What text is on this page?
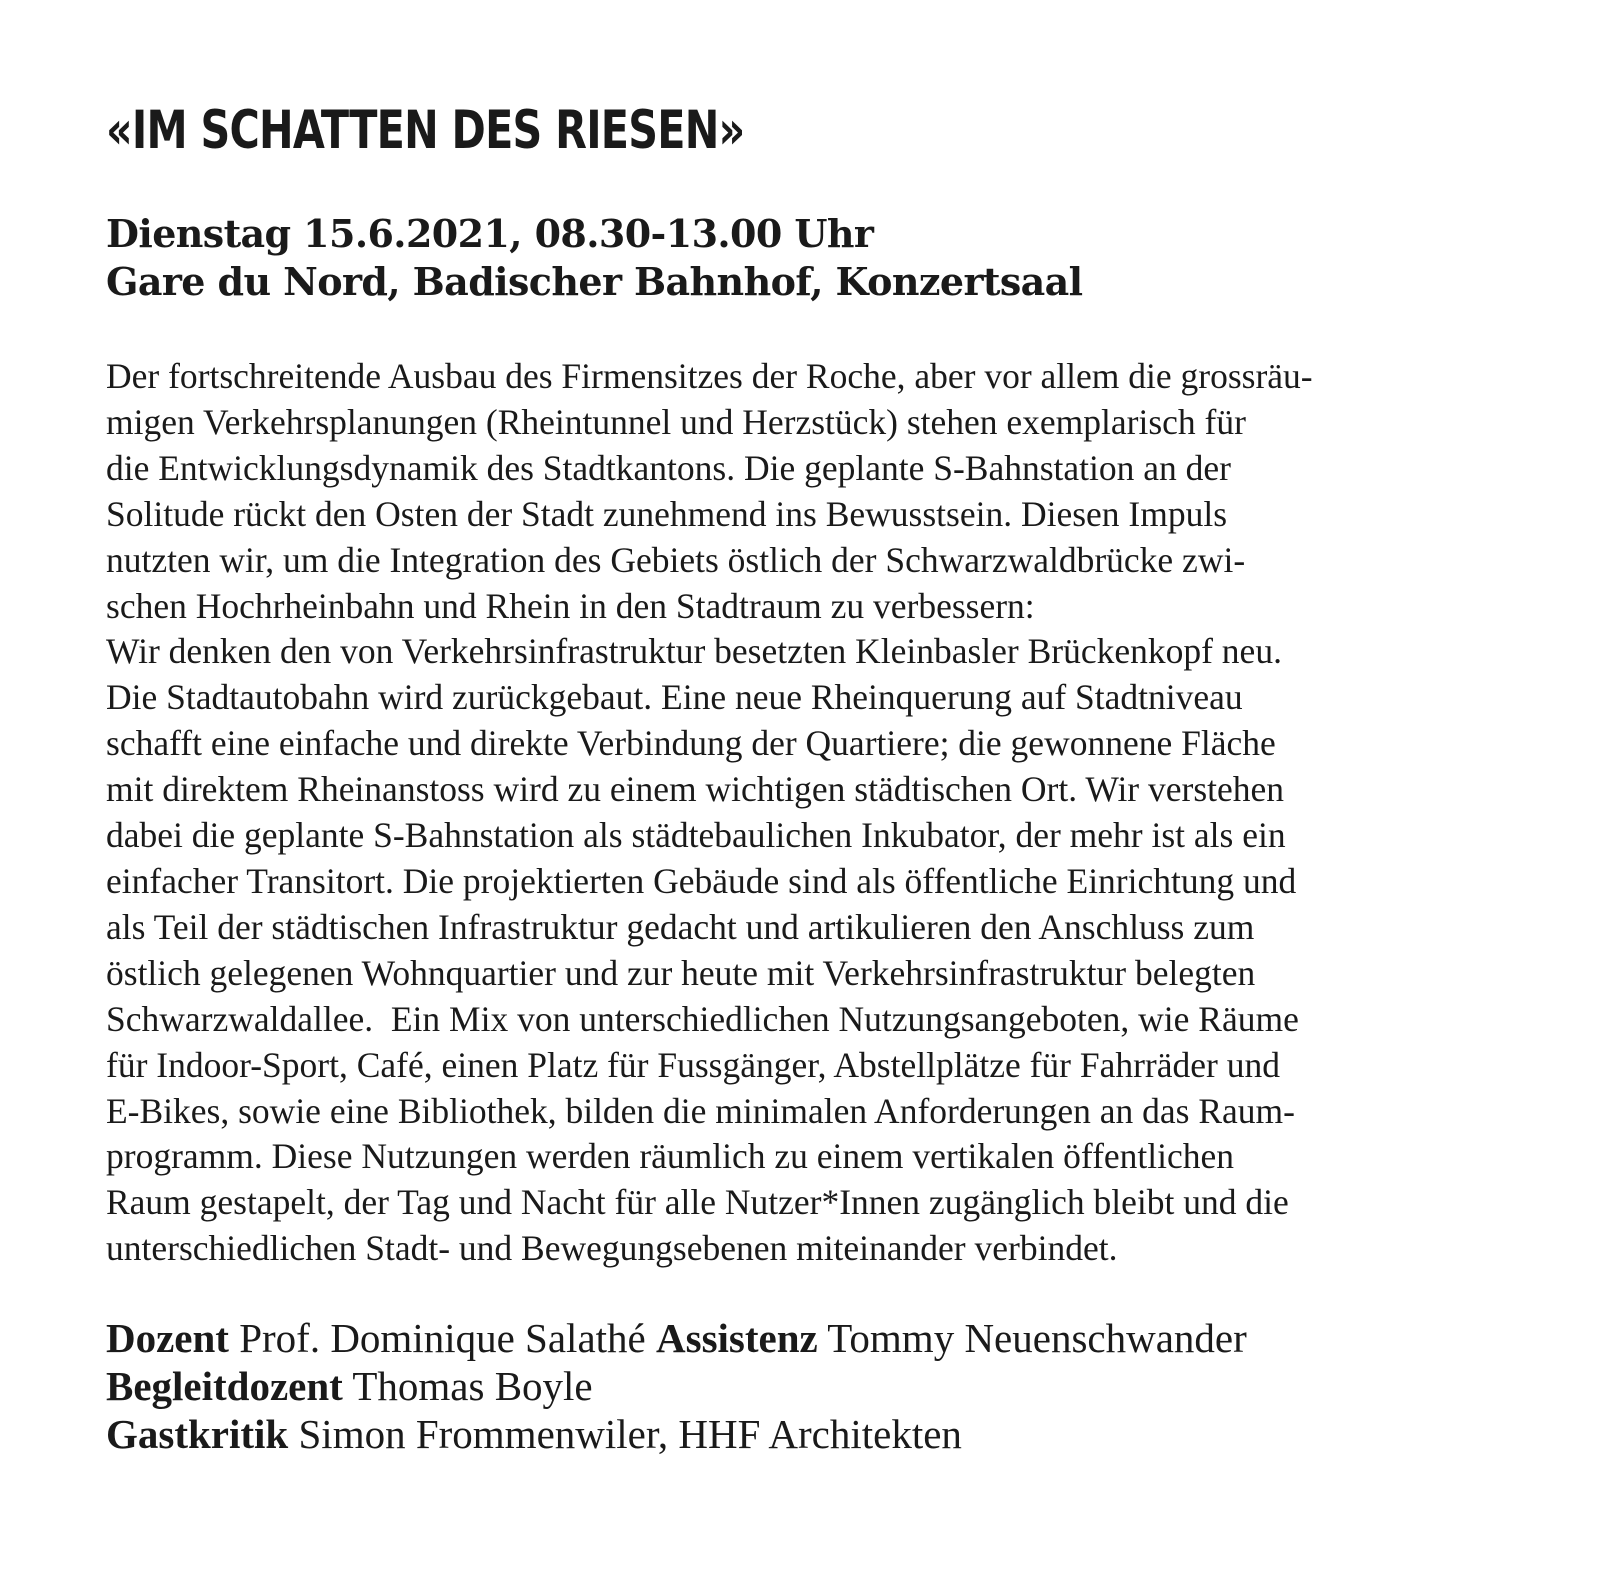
«IM SCHATTEN DES RIESEN»
Dienstag 15.6.2021, 08.30-13.00 Uhr
Gare du Nord, Badischer Bahnhof, Konzertsaal
Der fortschreitende Ausbau des Firmensitzes der Roche, aber vor allem die grossräu-
migen Verkehrsplanungen (Rheintunnel und Herzstück) stehen exemplarisch für
die Entwicklungsdynamik des Stadtkantons. Die geplante S-Bahnstation an der
Solitude rückt den Osten der Stadt zunehmend ins Bewusstsein. Diesen Impuls
nutzten wir, um die Integration des Gebiets östlich der Schwarzwaldbrücke zwi-
schen Hochrheinbahn und Rhein in den Stadtraum zu verbessern:
Wir denken den von Verkehrsinfrastruktur besetzten Kleinbasler Brückenkopf neu.
Die Stadtautobahn wird zurückgebaut. Eine neue Rheinquerung auf Stadtniveau
schafft eine einfache und direkte Verbindung der Quartiere; die gewonnene Fläche
mit direktem Rheinanstoss wird zu einem wichtigen städtischen Ort. Wir verstehen
dabei die geplante S-Bahnstation als städtebaulichen Inkubator, der mehr ist als ein
einfacher Transitort. Die projektierten Gebäude sind als öffentliche Einrichtung und
als Teil der städtischen Infrastruktur gedacht und artikulieren den Anschluss zum
östlich gelegenen Wohnquartier und zur heute mit Verkehrsinfrastruktur belegten
Schwarzwaldallee.  Ein Mix von unterschiedlichen Nutzungsangeboten, wie Räume
für Indoor-Sport, Café, einen Platz für Fussgänger, Abstellplätze für Fahrräder und
E-Bikes, sowie eine Bibliothek, bilden die minimalen Anforderungen an das Raum-
programm. Diese Nutzungen werden räumlich zu einem vertikalen öffentlichen
Raum gestapelt, der Tag und Nacht für alle Nutzer*Innen zugänglich bleibt und die
unterschiedlichen Stadt- und Bewegungsebenen miteinander verbindet.
Dozent Prof. Dominique Salathé Assistenz Tommy Neuenschwander
Begleitdozent Thomas Boyle
Gastkritik Simon Frommenwiler, HHF Architekten
